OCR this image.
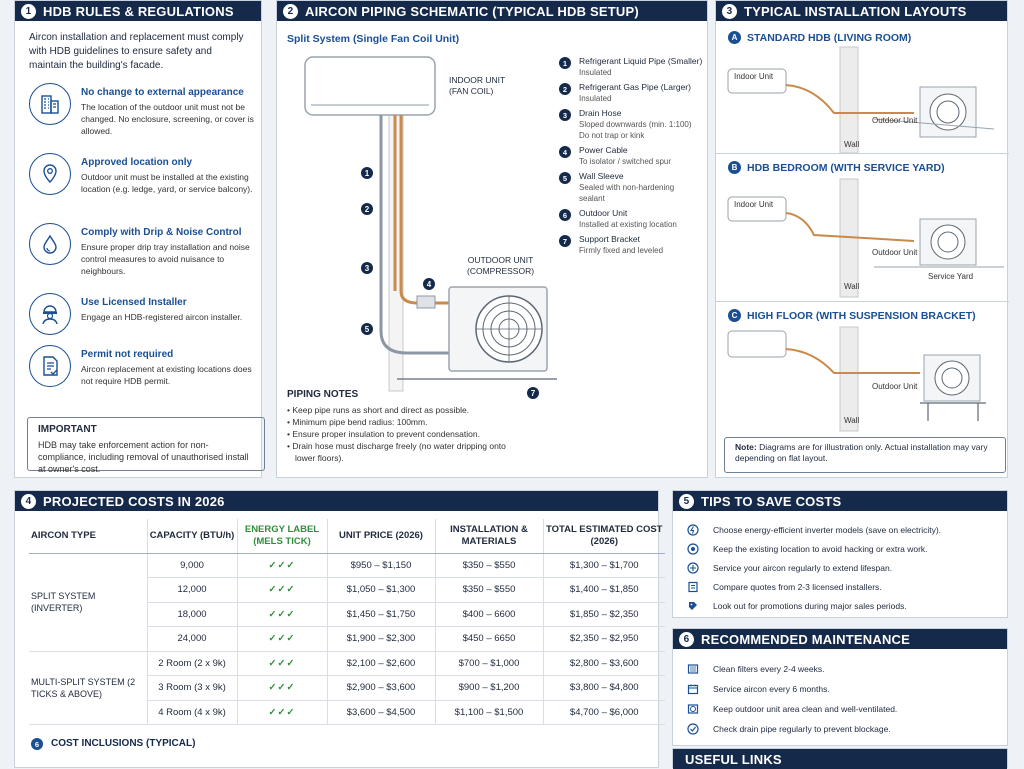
1 HDB RULES & REGULATIONS
Aircon installation and replacement must comply with HDB guidelines to ensure safety and maintain the building's facade.
No change to external appearance
The location of the outdoor unit must not be changed. No enclosure, screening, or cover is allowed.
Approved location only
Outdoor unit must be installed at the existing location (e.g. ledge, yard, or service balcony).
Comply with Drip & Noise Control
Ensure proper drip tray installation and noise control measures to avoid nuisance to neighbours.
Use Licensed Installer
Engage an HDB-registered aircon installer.
Permit not required
Aircon replacement at existing locations does not require HDB permit.
IMPORTANT
HDB may take enforcement action for non-compliance, including removal of unauthorised install at owner's cost.
2 AIRCON PIPING SCHEMATIC (TYPICAL HDB SETUP)
Split System (Single Fan Coil Unit)
1
2
3
4
5
7
INDOOR UNIT
(FAN COIL)
OUTDOOR UNIT
(COMPRESSOR)
1	Refrigerant Liquid Pipe (Smaller)
Insulated
2	Refrigerant Gas Pipe (Larger)
Insulated
3	Drain Hose
Sloped downwards (min. 1:100)
Do not trap or kink
4	Power Cable
To isolator / switched spur
5	Wall Sleeve
Sealed with non-hardening
sealant
6	Outdoor Unit
Installed at existing location
7	Support Bracket
Firmly fixed and leveled
PIPING NOTES
• Keep pipe runs as short and direct as possible.
• Minimum pipe bend radius: 100mm.
• Ensure proper insulation to prevent condensation.
• Drain hose must discharge freely (no water dripping onto
lower floors).
3 TYPICAL INSTALLATION LAYOUTS
A STANDARD HDB (LIVING ROOM)
Indoor Unit
Outdoor Unit
Wall
B HDB BEDROOM (WITH SERVICE YARD)
Indoor Unit
Outdoor Unit
Service Yard
Wall
C HIGH FLOOR (WITH SUSPENSION BRACKET)
Outdoor Unit
Wall
Note: Diagrams are for illustration only. Actual installation may vary depending on flat layout.
4 PROJECTED COSTS IN 2026
AIRCON TYPE	CAPACITY (BTU/h)	ENERGY LABEL (MELS TICK)	UNIT PRICE (2026)	INSTALLATION & MATERIALS	TOTAL ESTIMATED COST (2026)
SPLIT SYSTEM (INVERTER)	9,000	✓✓✓	$950 – $1,150	$350 – $550	$1,300 – $1,700
	12,000	✓✓✓	$1,050 – $1,300	$350 – $550	$1,400 – $1,850
	18,000	✓✓✓	$1,450 – $1,750	$400 – 6600	$1,850 – $2,350
	24,000	✓✓✓	$1,900 – $2,300	$450 – 6650	$2,350 – $2,950
MULTI-SPLIT SYSTEM (2 TICKS & ABOVE)	2 Room (2 x 9k)	✓✓✓	$2,100 – $2,600	$700 – $1,000	$2,800 – $3,600
	3 Room (3 x 9k)	✓✓✓	$2,900 – $3,600	$900 – $1,200	$3,800 – $4,800
	4 Room (4 x 9k)	✓✓✓	$3,600 – $4,500	$1,100 – $1,500	$4,700 – $6,000
6	COST INCLUSIONS (TYPICAL)
5 TIPS TO SAVE COSTS
Choose energy-efficient inverter models (save on electricity).
Keep the existing location to avoid hacking or extra work.
Service your aircon regularly to extend lifespan.
Compare quotes from 2-3 licensed installers.
Look out for promotions during major sales periods.
6 RECOMMENDED MAINTENANCE
Clean filters every 2-4 weeks.
Service aircon every 6 months.
Keep outdoor unit area clean and well-ventilated.
Check drain pipe regularly to prevent blockage.
USEFUL LINKS
